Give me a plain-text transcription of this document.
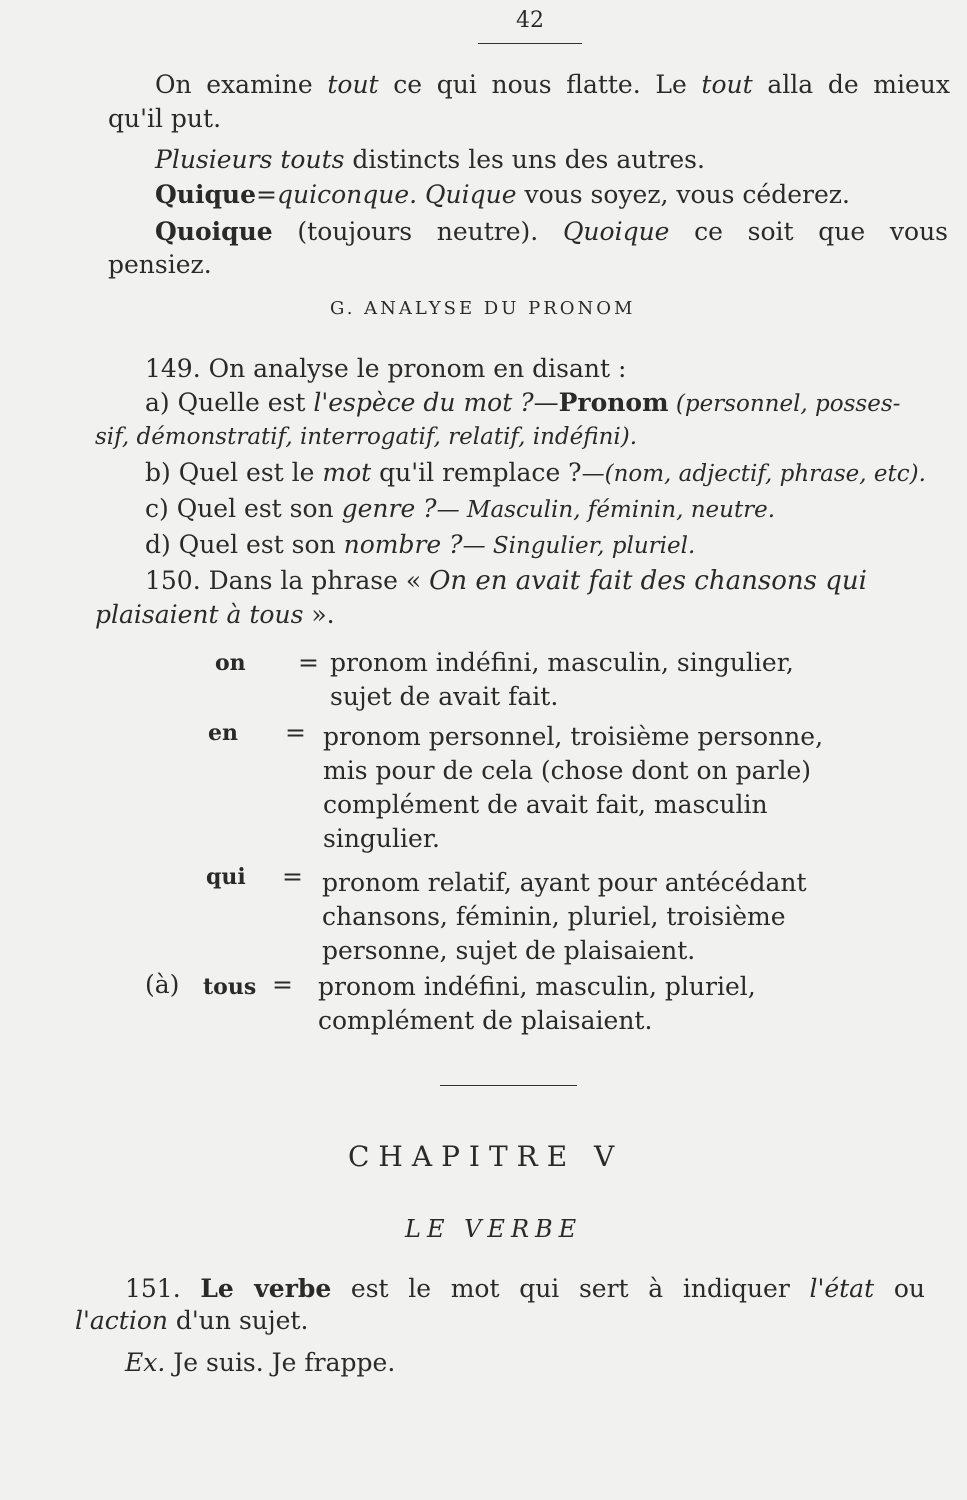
42
On examine tout ce qui nous flatte. Le tout alla de mieux
qu'il put.
Plusieurs touts distincts les uns des autres.
Quique=quiconque. Quique vous soyez, vous céderez.
Quoique (toujours neutre). Quoique ce soit que vous
pensiez.
G. ANALYSE DU PRONOM
149. On analyse le pronom en disant :
a) Quelle est l'espèce du mot ?—Pronom (personnel, posses-
sif, démonstratif, interrogatif, relatif, indéfini).
b) Quel est le mot qu'il remplace ?—(nom, adjectif, phrase, etc).
c) Quel est son genre ?— Masculin, féminin, neutre.
d) Quel est son nombre ?— Singulier, pluriel.
150. Dans la phrase « On en avait fait des chansons qui
plaisaient à tous ».
on = pronom indéfini, masculin, singulier,
sujet de avait fait.
en = pronom personnel, troisième personne,
mis pour de cela (chose dont on parle)
complément de avait fait, masculin
singulier.
qui = pronom relatif, ayant pour antécédant
chansons, féminin, pluriel, troisième
personne, sujet de plaisaient.
(à) tous = pronom indéfini, masculin, pluriel,
complément de plaisaient.
CHAPITRE V
LE VERBE
151. Le verbe est le mot qui sert à indiquer l'état ou
l'action d'un sujet.
Ex. Je suis. Je frappe.
